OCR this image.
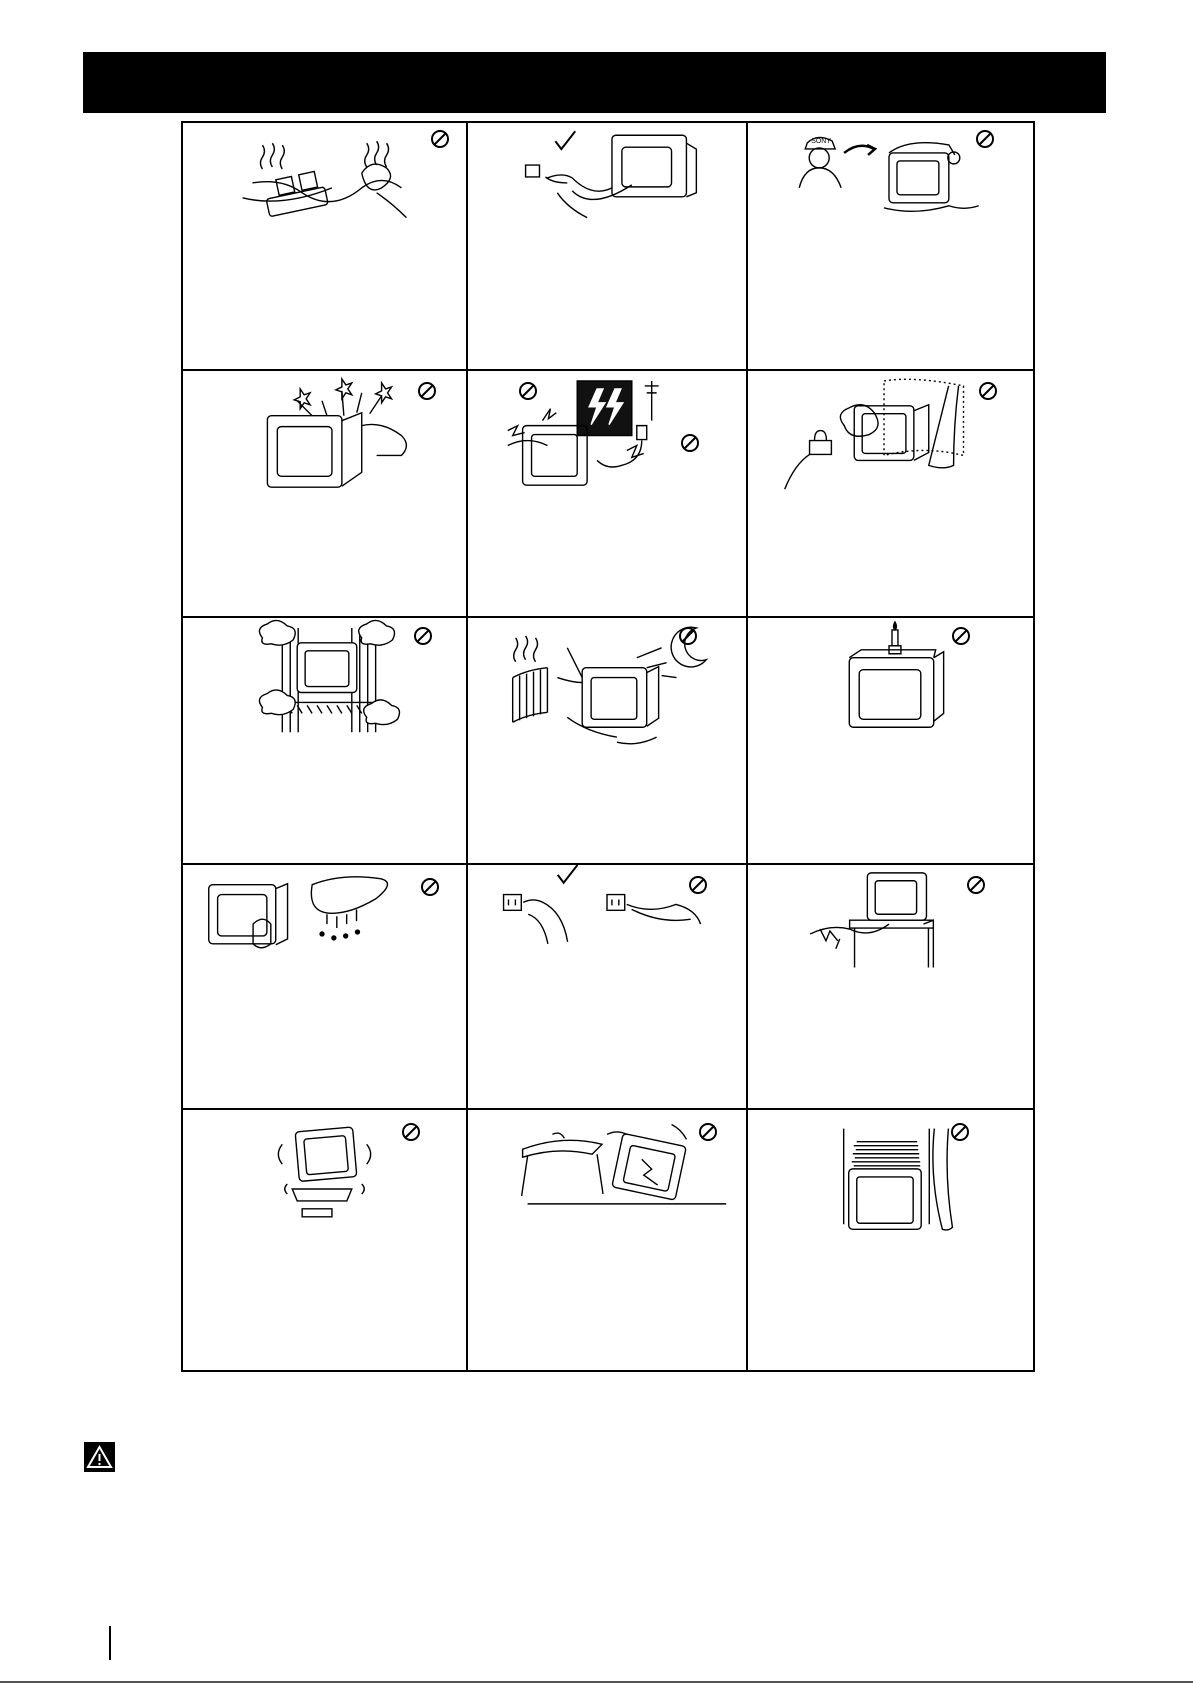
SONY
